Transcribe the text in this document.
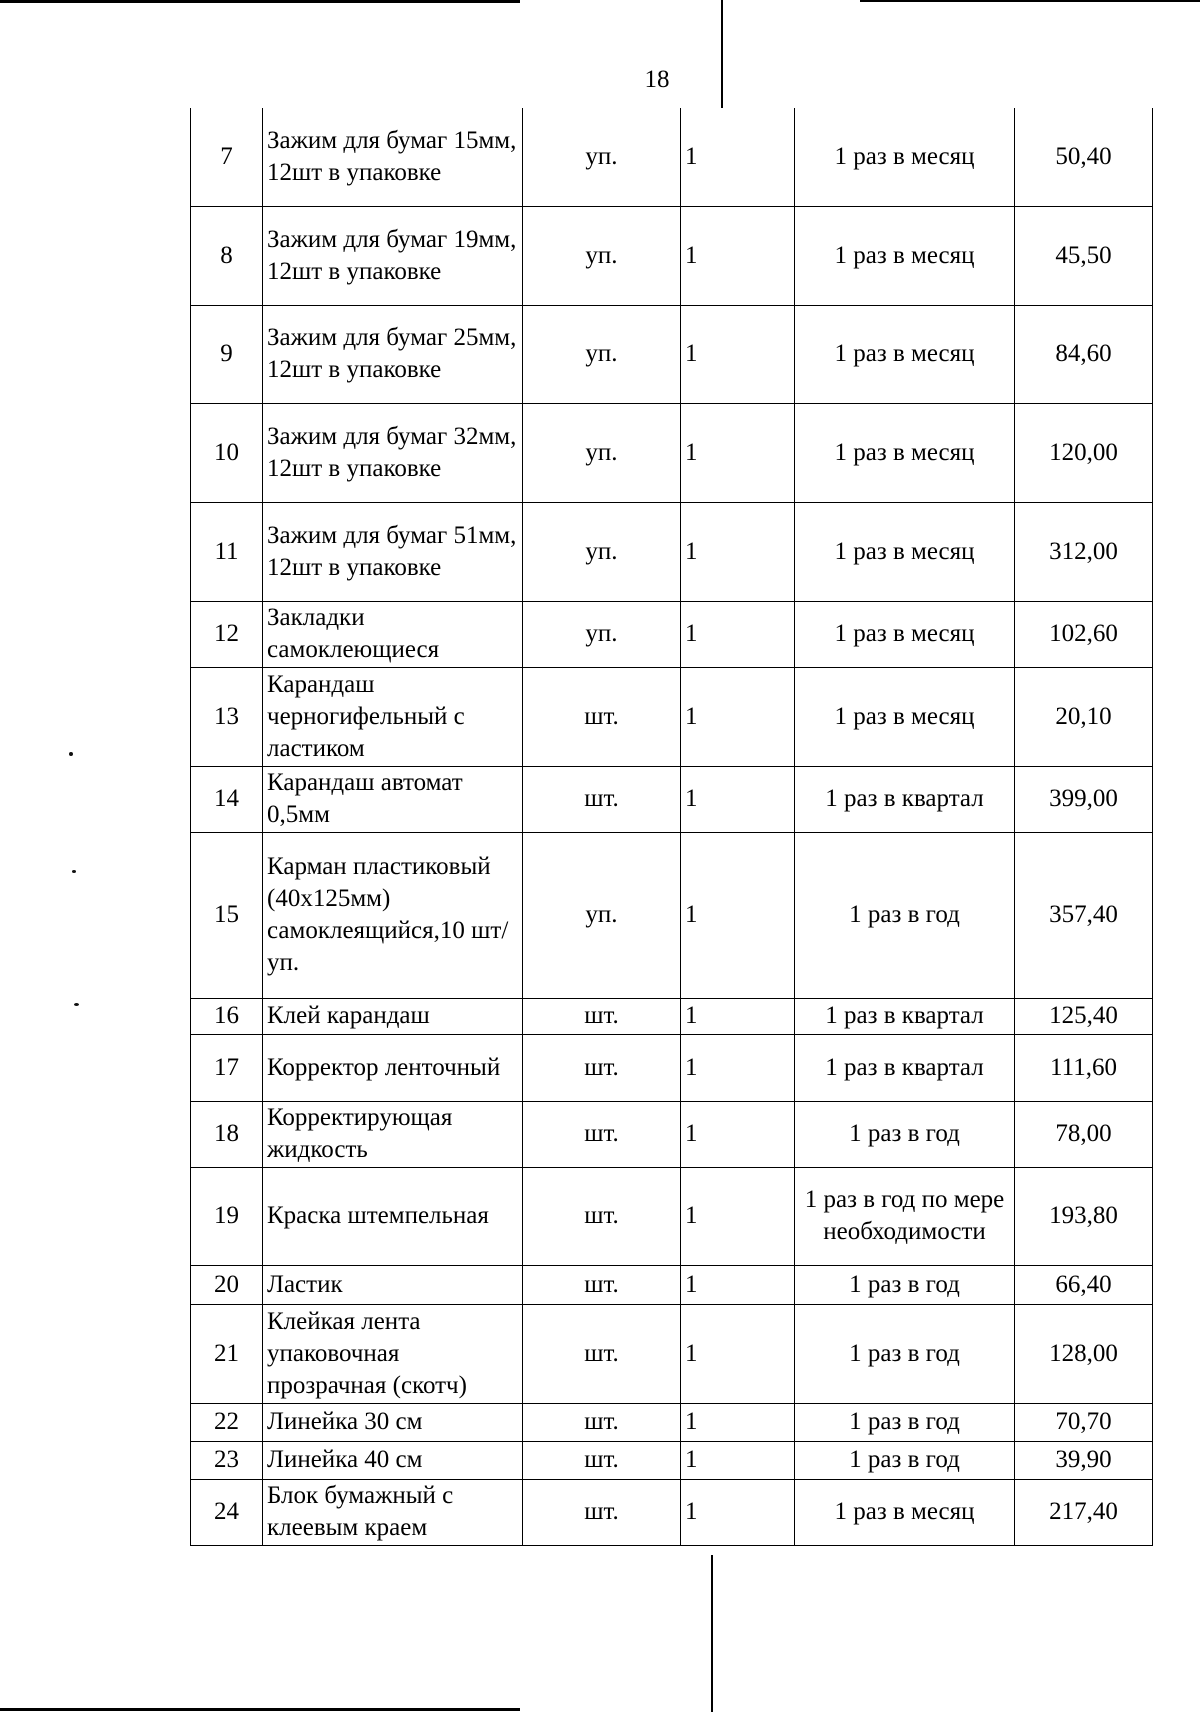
18
7	Зажим для бумаг 15мм, 12шт в упаковке	уп.	1	1 раз в месяц	50,40
8	Зажим для бумаг 19мм, 12шт в упаковке	уп.	1	1 раз в месяц	45,50
9	Зажим для бумаг 25мм, 12шт в упаковке	уп.	1	1 раз в месяц	84,60
10	Зажим для бумаг 32мм, 12шт в упаковке	уп.	1	1 раз в месяц	120,00
11	Зажим для бумаг 51мм, 12шт в упаковке	уп.	1	1 раз в месяц	312,00
12	Закладки самоклеющиеся	уп.	1	1 раз в месяц	102,60
13	Карандаш черногифельный с ластиком	шт.	1	1 раз в месяц	20,10
14	Карандаш автомат 0,5мм	шт.	1	1 раз в квартал	399,00
15	Карман пластиковый (40х125мм) самоклеящийся,10 шт/уп.	уп.	1	1 раз в год	357,40
16	Клей карандаш	шт.	1	1 раз в квартал	125,40
17	Корректор ленточный	шт.	1	1 раз в квартал	111,60
18	Корректирующая жидкость	шт.	1	1 раз в год	78,00
19	Краска штемпельная	шт.	1	1 раз в год по мере необходимости	193,80
20	Ластик	шт.	1	1 раз в год	66,40
21	Клейкая лента упаковочная прозрачная (скотч)	шт.	1	1 раз в год	128,00
22	Линейка 30 см	шт.	1	1 раз в год	70,70
23	Линейка 40 см	шт.	1	1 раз в год	39,90
24	Блок бумажный с клеевым краем	шт.	1	1 раз в месяц	217,40
